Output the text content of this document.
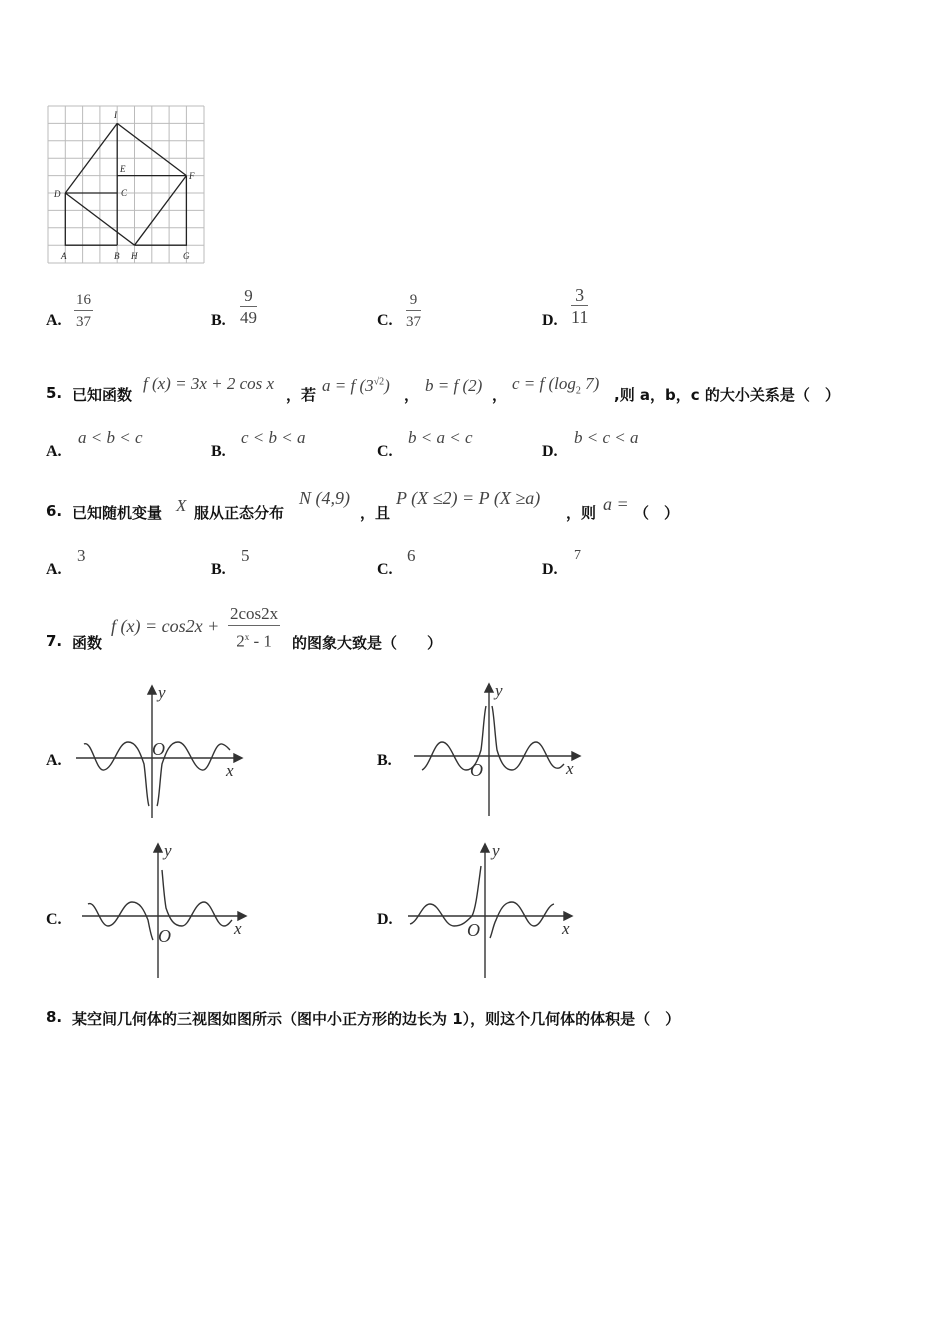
I
E
F
D	C
A	B H	G
A. $\frac{16}{37}$	B. $\frac{9}{49}$	C. $\frac{9}{37}$	D. $\frac{3}{11}$
5. 已知函数
f (x) = 3x + 2 cos x
，若 a = f $(3^{√2})$ ， b = f (2) ，
c = f ($\log_2$ 7)
,则 a，b，c 的大小关系是（　）
A.
a < b < c
B.
c < b < a
C.
b < a < c
D.
b < c < a
6. 已知随机变量 X 服从正态分布
N (4,9)
，且
P (X ≤2) = P (X ≥a)
，则 a = （　）
A.
3
B.
5
C.
6
D.
7
7. 函数
f $(x) = \cos 2x + \frac{2\cos 2x}{2^x - 1}$ 的图象大致是（　　）
A.
y
O
x
B.
y
O	x
C.
y
O	x	D.
y
O	x
8. 某空间几何体的三视图如图所示（图中小正方形的边长为 1），则这个几何体的体积是（　）
